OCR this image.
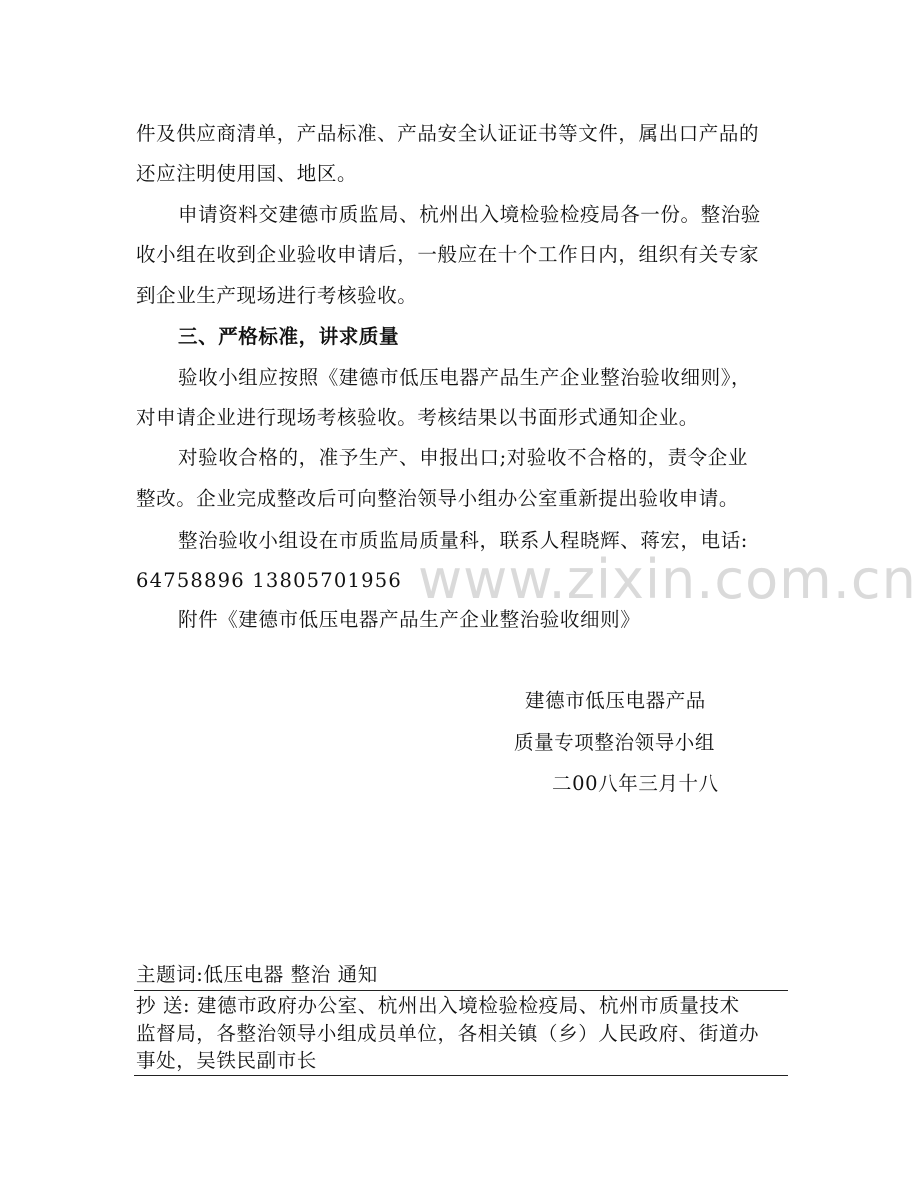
www.zixin.com.cn
件及供应商清单，产品标准、产品安全认证证书等文件，属出口产品的
还应注明使用国、地区。
申请资料交建德市质监局、杭州出入境检验检疫局各一份。整治验
收小组在收到企业验收申请后，一般应在十个工作日内，组织有关专家
到企业生产现场进行考核验收。
三、严格标准，讲求质量
验收小组应按照《建德市低压电器产品生产企业整治验收细则》，
对申请企业进行现场考核验收。考核结果以书面形式通知企业。
对验收合格的，准予生产、申报出口;对验收不合格的，责令企业
整改。企业完成整改后可向整治领导小组办公室重新提出验收申请。
整治验收小组设在市质监局质量科，联系人程晓辉、蒋宏，电话:
64758896 13805701956
附件《建德市低压电器产品生产企业整治验收细则》
建德市低压电器产品
质量专项整治领导小组
二00八年三月十八
主题词:低压电器 整治 通知
抄 送: 建德市政府办公室、杭州出入境检验检疫局、杭州市质量技术
监督局，各整治领导小组成员单位，各相关镇（乡）人民政府、街道办
事处，吴铁民副市长
